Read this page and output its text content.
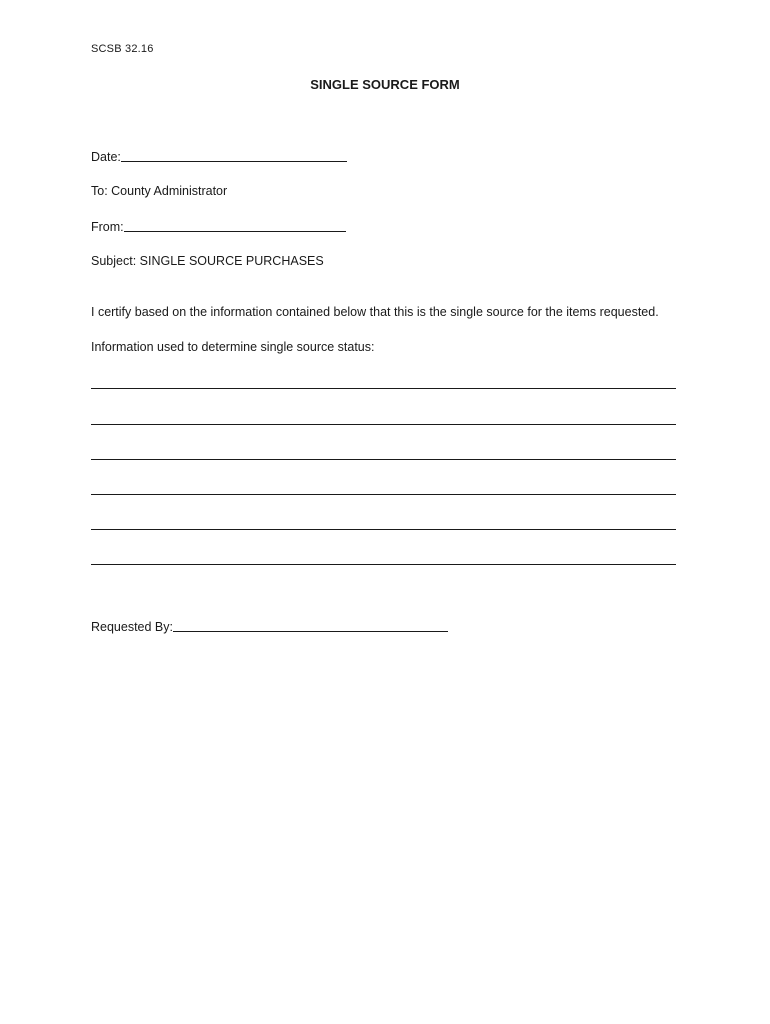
SCSB 32.16
SINGLE SOURCE FORM
Date:
To: County Administrator
From:
Subject: SINGLE SOURCE PURCHASES
I certify based on the information contained below that this is the single source for the items requested.
Information used to determine single source status:
Requested By:
